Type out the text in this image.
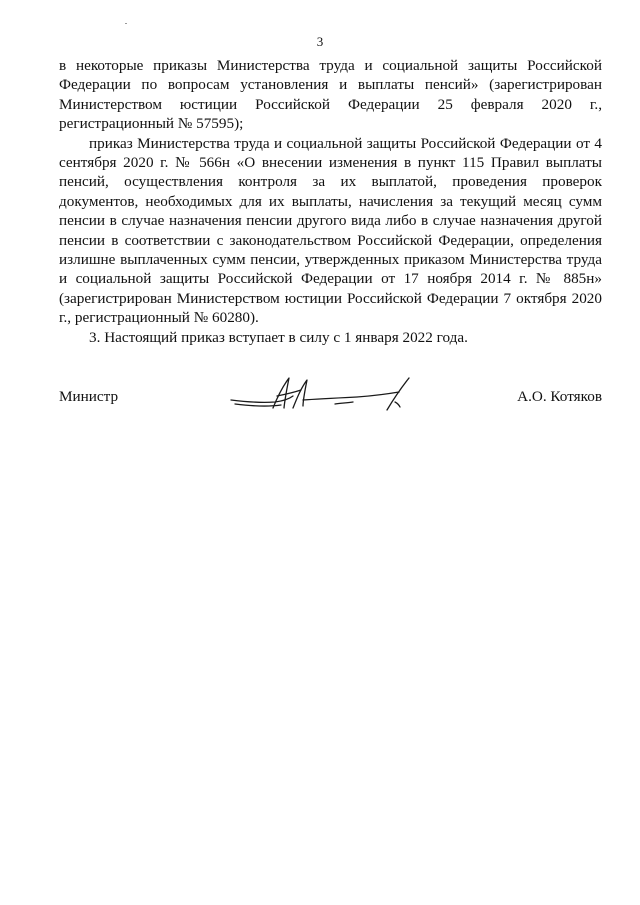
3

в некоторые приказы Министерства труда и социальной защиты Российской Федерации по вопросам установления и выплаты пенсий» (зарегистрирован Министерством юстиции Российской Федерации 25 февраля 2020 г., регистрационный № 57595);

приказ Министерства труда и социальной защиты Российской Федерации от 4 сентября 2020 г. № 566н «О внесении изменения в пункт 115 Правил выплаты пенсий, осуществления контроля за их выплатой, проведения проверок документов, необходимых для их выплаты, начисления за текущий месяц сумм пенсии в случае назначения пенсии другого вида либо в случае назначения другой пенсии в соответствии с законодательством Российской Федерации, определения излишне выплаченных сумм пенсии, утвержденных приказом Министерства труда и социальной защиты Российской Федерации от 17 ноября 2014 г. № 885н» (зарегистрирован Министерством юстиции Российской Федерации 7 октября 2020 г., регистрационный № 60280).

3. Настоящий приказ вступает в силу с 1 января 2022 года.

Министр	А.О. Котяков
